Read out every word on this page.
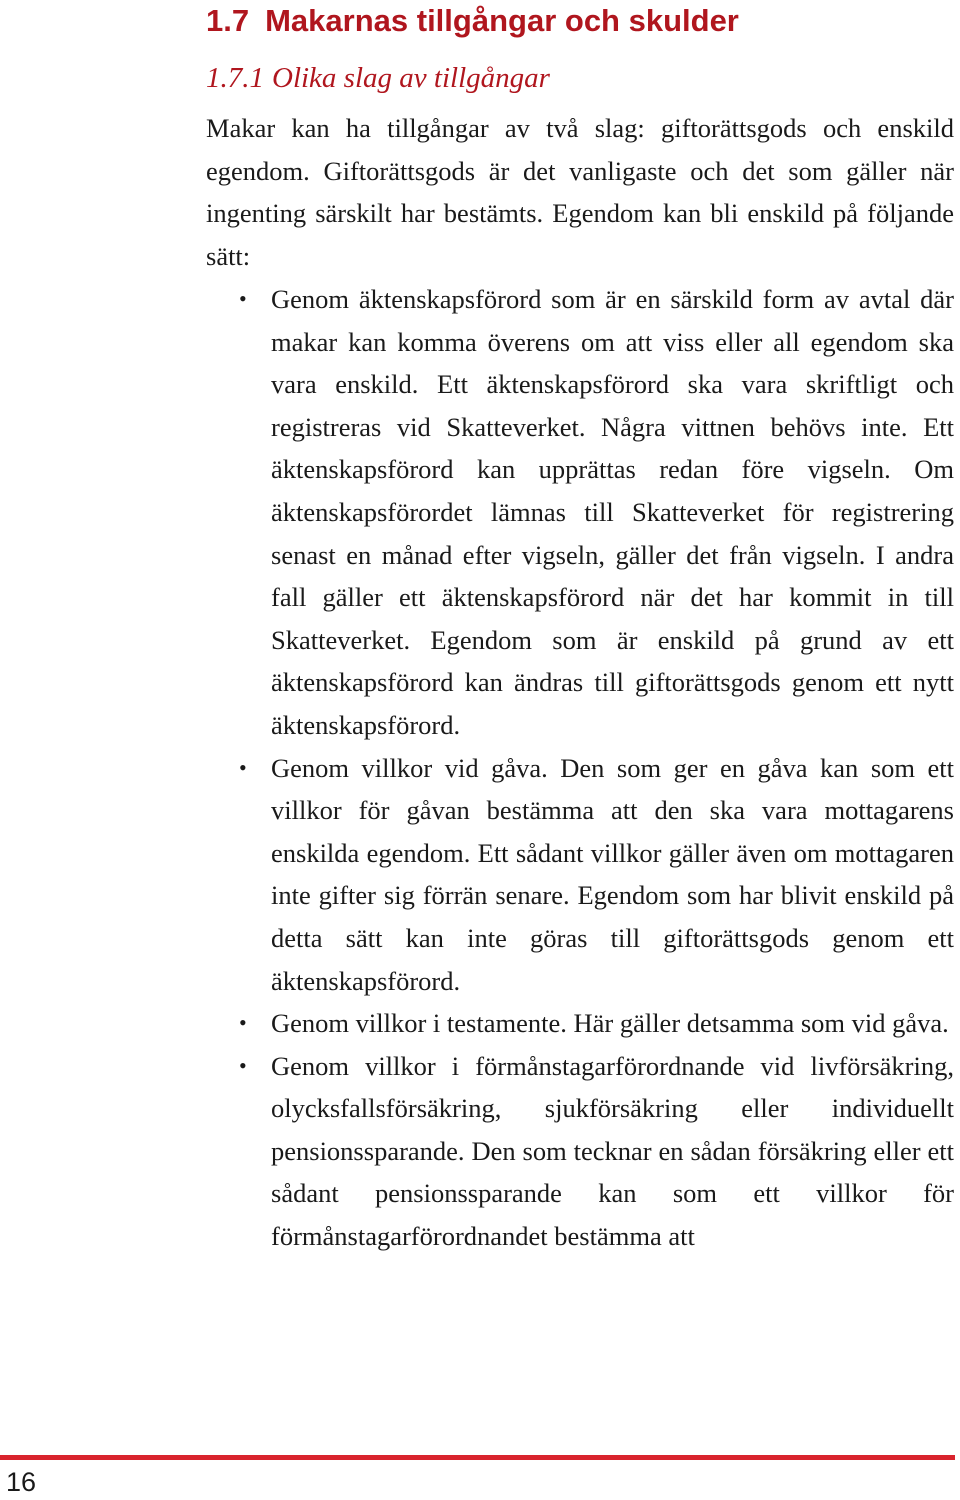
1.7 Makarnas tillgångar och skulder
1.7.1 Olika slag av tillgångar

Makar kan ha tillgångar av två slag: giftorättsgods och enskild egendom. Giftorättsgods är det vanligaste och det som gäller när ingenting särskilt har bestämts. Egendom kan bli enskild på följande sätt:

• Genom äktenskapsförord som är en särskild form av avtal där makar kan komma överens om att viss eller all egendom ska vara enskild. Ett äktenskapsförord ska vara skriftligt och registreras vid Skatteverket. Några vittnen behövs inte. Ett äktenskapsförord kan upprättas redan före vigseln. Om äktenskapsförordet lämnas till Skatteverket för registrering senast en månad efter vigseln, gäller det från vigseln. I andra fall gäller ett äktenskapsförord när det har kommit in till Skatteverket. Egendom som är enskild på grund av ett äktenskapsförord kan ändras till giftorättsgods genom ett nytt äktenskapsförord.
• Genom villkor vid gåva. Den som ger en gåva kan som ett villkor för gåvan bestämma att den ska vara mottagarens enskilda egendom. Ett sådant villkor gäller även om mottagaren inte gifter sig förrän senare. Egendom som har blivit enskild på detta sätt kan inte göras till giftorättsgods genom ett äktenskapsförord.
• Genom villkor i testamente. Här gäller detsamma som vid gåva.
• Genom villkor i förmånstagarförordnande vid livförsäkring, olycksfallsförsäkring, sjukförsäkring eller individuellt pensionssparande. Den som tecknar en sådan försäkring eller ett sådant pensionssparande kan som ett villkor för förmånstagarförordnandet bestämma att
16
